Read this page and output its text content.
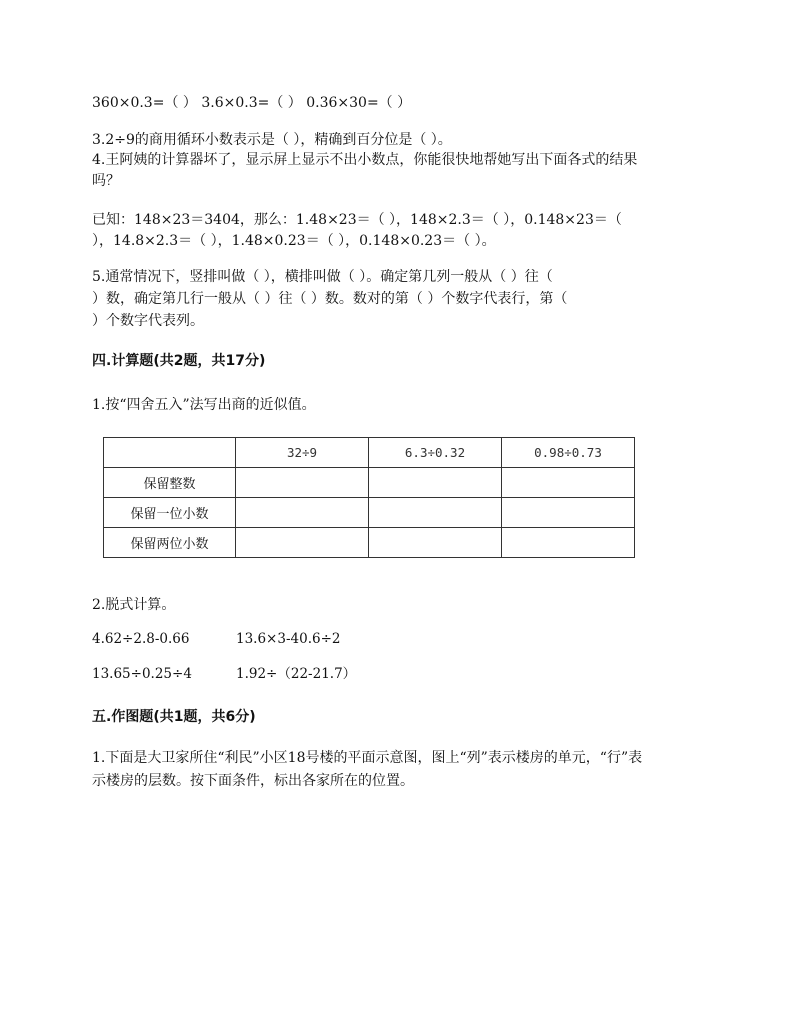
360×0.3=（ ） 3.6×0.3=（ ） 0.36×30=（ ）
3.2÷9的商用循环小数表示是（ ），精确到百分位是（ ）。
4.王阿姨的计算器坏了，显示屏上显示不出小数点，你能很快地帮她写出下面各式的结果
吗？
已知：148×23＝3404，那么：1.48×23＝（ ），148×2.3＝（ ），0.148×23＝（
），14.8×2.3＝（ ），1.48×0.23＝（ ），0.148×0.23＝（ ）。
5.通常情况下，竖排叫做（ ），横排叫做（ ）。确定第几列一般从（ ）往（
）数，确定第几行一般从（ ）往（ ）数。数对的第（ ）个数字代表行，第（
）个数字代表列。
四.计算题(共2题，共17分)
1.按“四舍五入”法写出商的近似值。
	32÷9	6.3÷0.32	0.98÷0.73
保留整数			
保留一位小数			
保留两位小数			
2.脱式计算。
4.62÷2.8-0.66	13.6×3-40.6÷2
13.65÷0.25÷4	1.92÷（22-21.7）
五.作图题(共1题，共6分)
1.下面是大卫家所住“利民”小区18号楼的平面示意图，图上“列”表示楼房的单元，“行”表
示楼房的层数。按下面条件，标出各家所在的位置。
